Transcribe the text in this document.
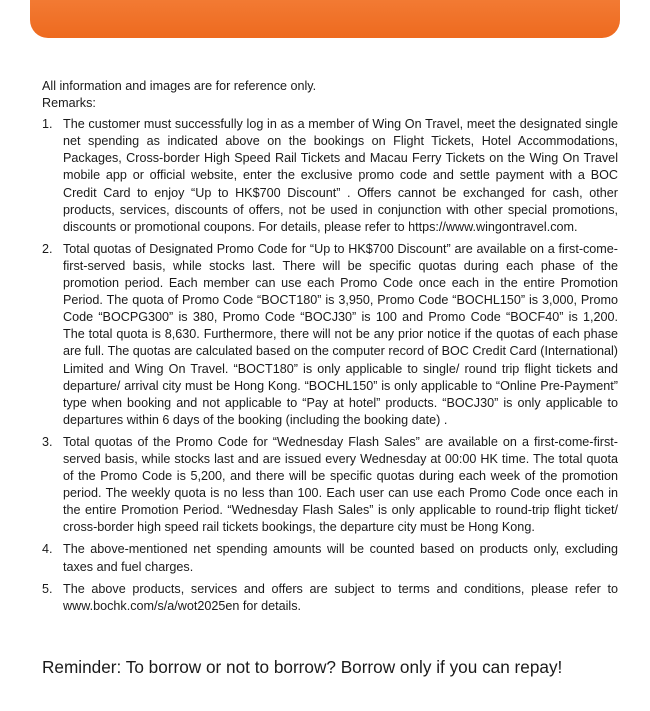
All information and images are for reference only.

Remarks:

1. The customer must successfully log in as a member of Wing On Travel, meet the designated single net spending as indicated above on the bookings on Flight Tickets, Hotel Accommodations, Packages, Cross-border High Speed Rail Tickets and Macau Ferry Tickets on the Wing On Travel mobile app or official website, enter the exclusive promo code and settle payment with a BOC Credit Card to enjoy “Up to HK$700 Discount” . Offers cannot be exchanged for cash, other products, services, discounts of offers, not be used in conjunction with other special promotions, discounts or promotional coupons. For details, please refer to https://www.wingontravel.com.
2. Total quotas of Designated Promo Code for “Up to HK$700 Discount” are available on a first-come-first-served basis, while stocks last. There will be specific quotas during each phase of the promotion period. Each member can use each Promo Code once each in the entire Promotion Period. The quota of Promo Code “BOCT180” is 3,950, Promo Code “BOCHL150” is 3,000, Promo Code “BOCPG300” is 380, Promo Code “BOCJ30” is 100 and Promo Code “BOCF40” is 1,200. The total quota is 8,630. Furthermore, there will not be any prior notice if the quotas of each phase are full. The quotas are calculated based on the computer record of BOC Credit Card (International) Limited and Wing On Travel. “BOCT180” is only applicable to single/ round trip flight tickets and departure/ arrival city must be Hong Kong. “BOCHL150” is only applicable to “Online Pre-Payment” type when booking and not applicable to “Pay at hotel” products. “BOCJ30” is only applicable to departures within 6 days of the booking (including the booking date) .
3. Total quotas of the Promo Code for “Wednesday Flash Sales” are available on a first-come-first-served basis, while stocks last and are issued every Wednesday at 00:00 HK time. The total quota of the Promo Code is 5,200, and there will be specific quotas during each week of the promotion period. The weekly quota is no less than 100. Each user can use each Promo Code once each in the entire Promotion Period. “Wednesday Flash Sales” is only applicable to round-trip flight ticket/ cross-border high speed rail tickets bookings, the departure city must be Hong Kong.
4. The above-mentioned net spending amounts will be counted based on products only, excluding taxes and fuel charges.
5. The above products, services and offers are subject to terms and conditions, please refer to www.bochk.com/s/a/wot2025en for details.
Reminder: To borrow or not to borrow? Borrow only if you can repay!
